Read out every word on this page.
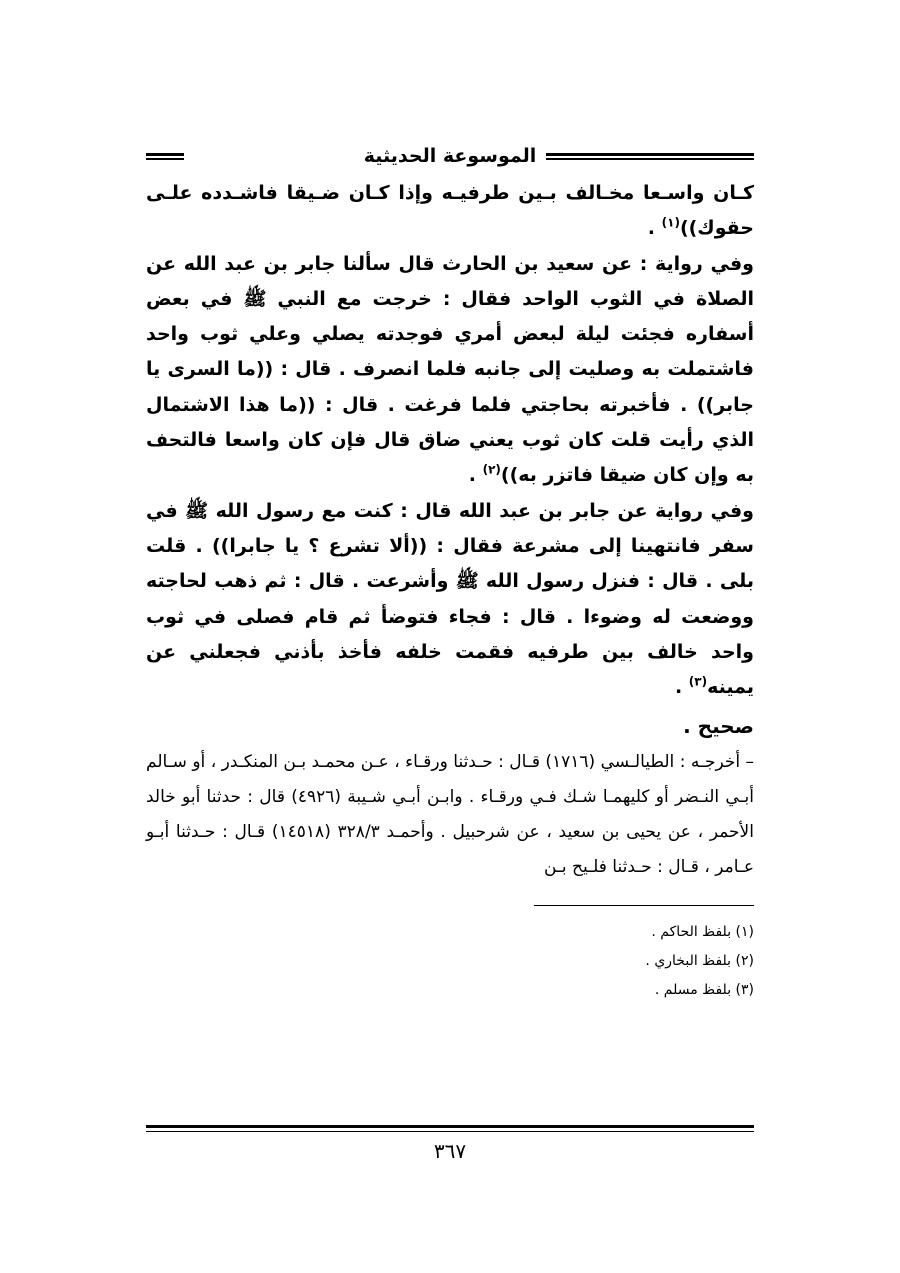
الموسوعة الحديثية

كـان واسـعا مخـالف بـين طرفيـه وإذا كـان ضـيقا فاشـدده علـى حقوك))$^{(١)}$ .

وفي رواية : عن سعيد بن الحارث قال سألنا جابر بن عبد الله عن الصلاة في الثوب الواحد فقال : خرجت مع النبي ﷺ في بعض أسفاره فجئت ليلة لبعض أمري فوجدته يصلي وعلي ثوب واحد فاشتملت به وصليت إلى جانبه فلما انصرف . قال : ((ما السرى يا جابر)) . فأخبرته بحاجتي فلما فرغت . قال : ((ما هذا الاشتمال الذي رأيت قلت كان ثوب يعني ضاق قال فإن كان واسعا فالتحف به وإن كان ضيقا فاتزر به))$^{(٢)}$ .

وفي رواية عن جابر بن عبد الله قال : كنت مع رسول الله ﷺ في سفر فانتهينا إلى مشرعة فقال : ((ألا تشرع ؟ يا جابرا)) . قلت بلى . قال : فنزل رسول الله ﷺ وأشرعت . قال : ثم ذهب لحاجته ووضعت له وضوءا . قال : فجاء فتوضأ ثم قام فصلى في ثوب واحد خالف بين طرفيه فقمت خلفه فأخذ بأذني فجعلني عن يمينه$^{(٣)}$ .

صحيح .

– أخرجـه : الطيالـسي (١٧١٦) قـال : حـدثنا ورقـاء ، عـن محمـد بـن المنكـدر ، أو سـالم أبـي النـضر أو كليهمـا شـك فـي ورقـاء . وابـن أبـي شـيبة (٤٩٢٦) قال : حدثنا أبو خالد الأحمر ، عن يحيى بن سعيد ، عن شرحبيل . وأحمـد ٣٢٨/٣ (١٤٥١٨) قـال : حـدثنا أبـو عـامر ، قـال : حـدثنا فلـيح بـن

(١) بلفظ الحاكم .

(٢) بلفظ البخاري .

(٣) بلفظ مسلم .

٣٦٧
